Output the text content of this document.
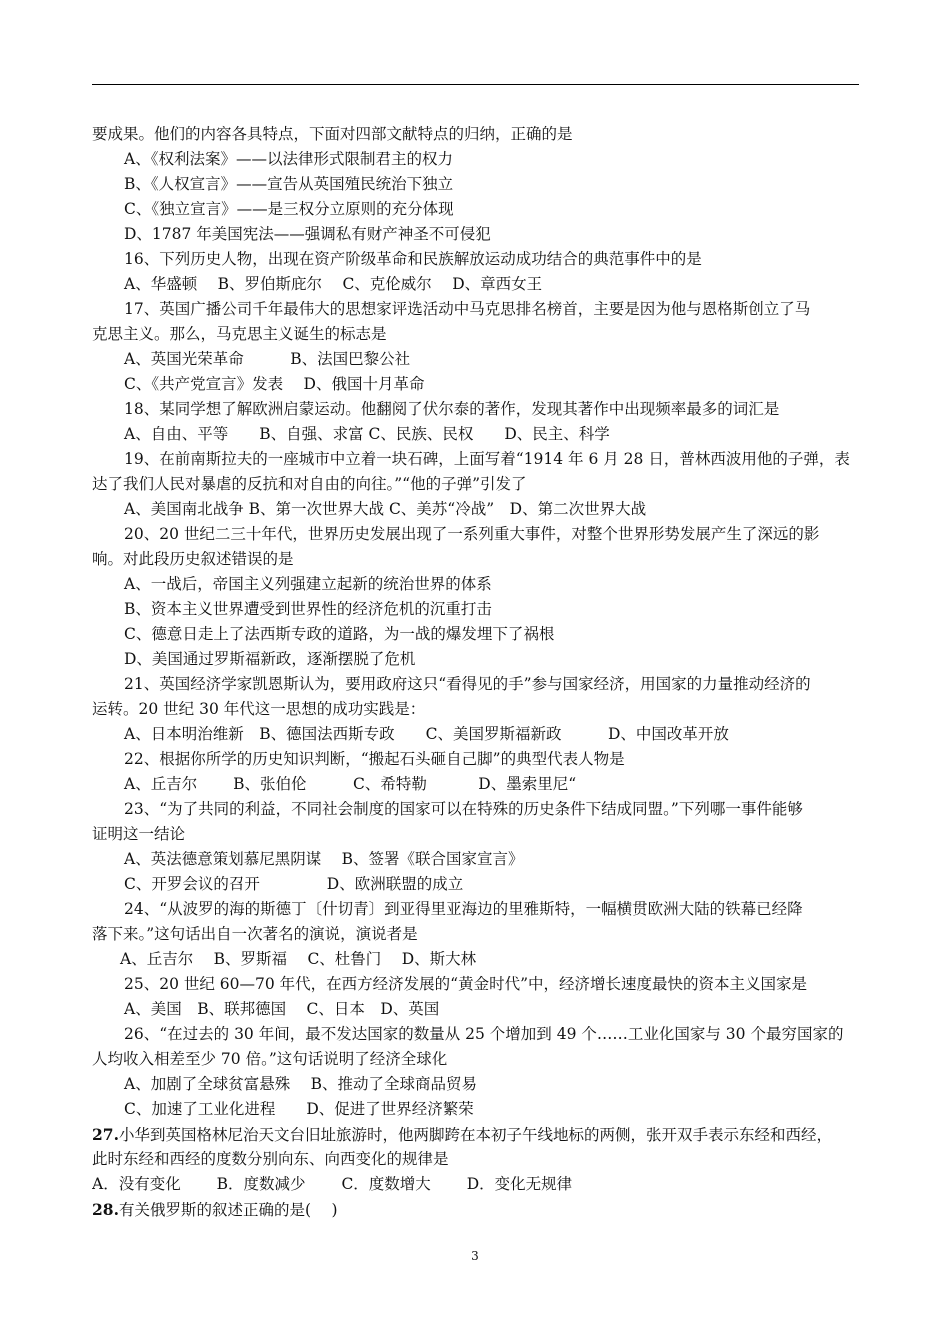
要成果。他们的内容各具特点，下面对四部文献特点的归纳，正确的是
A、《权利法案》——以法律形式限制君主的权力
B、《人权宣言》——宣告从英国殖民统治下独立
C、《独立宣言》——是三权分立原则的充分体现
D、1787 年美国宪法——强调私有财产神圣不可侵犯
16、下列历史人物，出现在资产阶级革命和民族解放运动成功结合的典范事件中的是
A、华盛顿　 B、罗伯斯庇尔　 C、克伦威尔　 D、章西女王
17、英国广播公司千年最伟大的思想家评选活动中马克思排名榜首，主要是因为他与恩格斯创立了马
克思主义。那么，马克思主义诞生的标志是
A、英国光荣革命　　　B、法国巴黎公社
C、《共产党宣言》发表　 D、俄国十月革命
18、某同学想了解欧洲启蒙运动。他翻阅了伏尔泰的著作，发现其著作中出现频率最多的词汇是
A、自由、平等　　B、自强、求富 C、民族、民权　　D、民主、科学
19、在前南斯拉夫的一座城市中立着一块石碑，上面写着“1914 年 6 月 28 日，普林西波用他的子弹，表
达了我们人民对暴虐的反抗和对自由的向往。”“他的子弹”引发了
A、美国南北战争 B、第一次世界大战 C、美苏“冷战”　D、第二次世界大战
20、20 世纪二三十年代，世界历史发展出现了一系列重大事件，对整个世界形势发展产生了深远的影
响。对此段历史叙述错误的是
A、一战后，帝国主义列强建立起新的统治世界的体系
B、资本主义世界遭受到世界性的经济危机的沉重打击
C、德意日走上了法西斯专政的道路，为一战的爆发埋下了祸根
D、美国通过罗斯福新政，逐渐摆脱了危机
21、英国经济学家凯恩斯认为，要用政府这只“看得见的手”参与国家经济，用国家的力量推动经济的
运转。20 世纪 30 年代这一思想的成功实践是：
A、日本明治维新　B、德国法西斯专政　　C、美国罗斯福新政　　　D、中国改革开放
22、根据你所学的历史知识判断，“搬起石头砸自己脚”的典型代表人物是
A、丘吉尔　　 B、张伯伦　　　C、希特勒　　　 D、墨索里尼“
23、“为了共同的利益，不同社会制度的国家可以在特殊的历史条件下结成同盟。”下列哪一事件能够
证明这一结论
A、英法德意策划慕尼黑阴谋　 B、签署《联合国家宣言》
C、开罗会议的召开　　　　 D、欧洲联盟的成立
24、“从波罗的海的斯德丁〔什切青〕到亚得里亚海边的里雅斯特，一幅横贯欧洲大陆的铁幕已经降
落下来。”这句话出自一次著名的演说，演说者是
A、丘吉尔　 B、罗斯福　 C、杜鲁门　 D、斯大林
25、20 世纪 60—70 年代，在西方经济发展的“黄金时代”中，经济增长速度最快的资本主义国家是
A、美国　B、联邦德国　 C、日本　D、英国
26、“在过去的 30 年间，最不发达国家的数量从 25 个增加到 49 个……工业化国家与 30 个最穷国家的
人均收入相差至少 70 倍。”这句话说明了经济全球化
A、加剧了全球贫富悬殊　 B、推动了全球商品贸易
C、加速了工业化进程　　D、促进了世界经济繁荣
27.小华到英国格林尼治天文台旧址旅游时，他两脚跨在本初子午线地标的两侧，张开双手表示东经和西经，
此时东经和西经的度数分别向东、向西变化的规律是
A．没有变化　　 B．度数减少　　 C．度数增大　　 D．变化无规律
28.有关俄罗斯的叙述正确的是(　 )
3
